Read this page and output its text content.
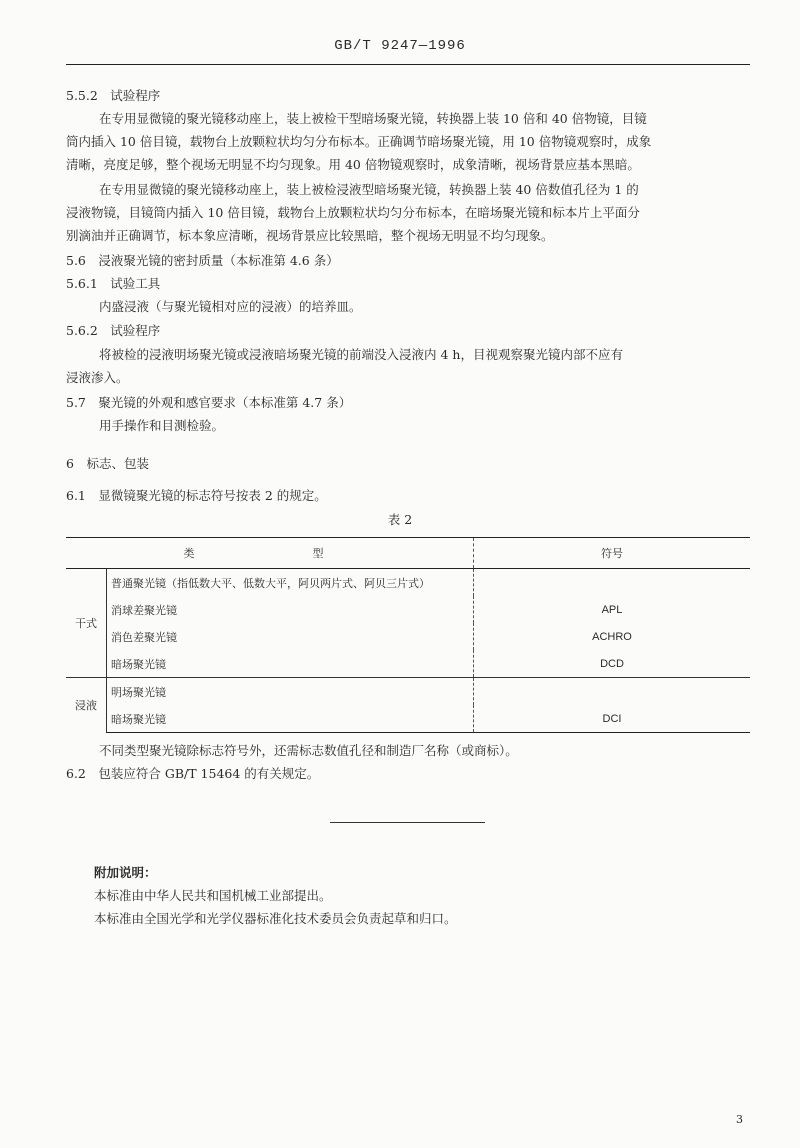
GB/T 9247—1996
5.5.2　试验程序
在专用显微镜的聚光镜移动座上，装上被检干型暗场聚光镜，转换器上装 10 倍和 40 倍物镜，目镜
筒内插入 10 倍目镜，载物台上放颗粒状均匀分布标本。正确调节暗场聚光镜，用 10 倍物镜观察时，成象
清晰，亮度足够，整个视场无明显不均匀现象。用 40 倍物镜观察时，成象清晰，视场背景应基本黑暗。
在专用显微镜的聚光镜移动座上，装上被检浸液型暗场聚光镜，转换器上装 40 倍数值孔径为 1 的
浸液物镜，目镜筒内插入 10 倍目镜，载物台上放颗粒状均匀分布标本，在暗场聚光镜和标本片上平面分
别滴油并正确调节，标本象应清晰，视场背景应比较黑暗，整个视场无明显不均匀现象。
5.6　浸液聚光镜的密封质量（本标准第 4.6 条）
5.6.1　试验工具
内盛浸液（与聚光镜相对应的浸液）的培养皿。
5.6.2　试验程序
将被检的浸液明场聚光镜或浸液暗场聚光镜的前端没入浸液内 4 h，目视观察聚光镜内部不应有
浸液渗入。
5.7　聚光镜的外观和感官要求（本标准第 4.7 条）
用手操作和目测检验。
6　标志、包装
6.1　显微镜聚光镜的标志符号按表 2 的规定。
表 2
类　　型		符号
干式	普通聚光镜（指低数大平、低数大平，阿贝两片式、阿贝三片式）	
	消球差聚光镜	APL
	消色差聚光镜	ACHRO
	暗场聚光镜	DCD
浸液	明场聚光镜	
	暗场聚光镜	DCI
不同类型聚光镜除标志符号外，还需标志数值孔径和制造厂名称（或商标）。
6.2　包装应符合 GB/T 15464 的有关规定。
附加说明：
本标准由中华人民共和国机械工业部提出。
本标准由全国光学和光学仪器标准化技术委员会负责起草和归口。
3
